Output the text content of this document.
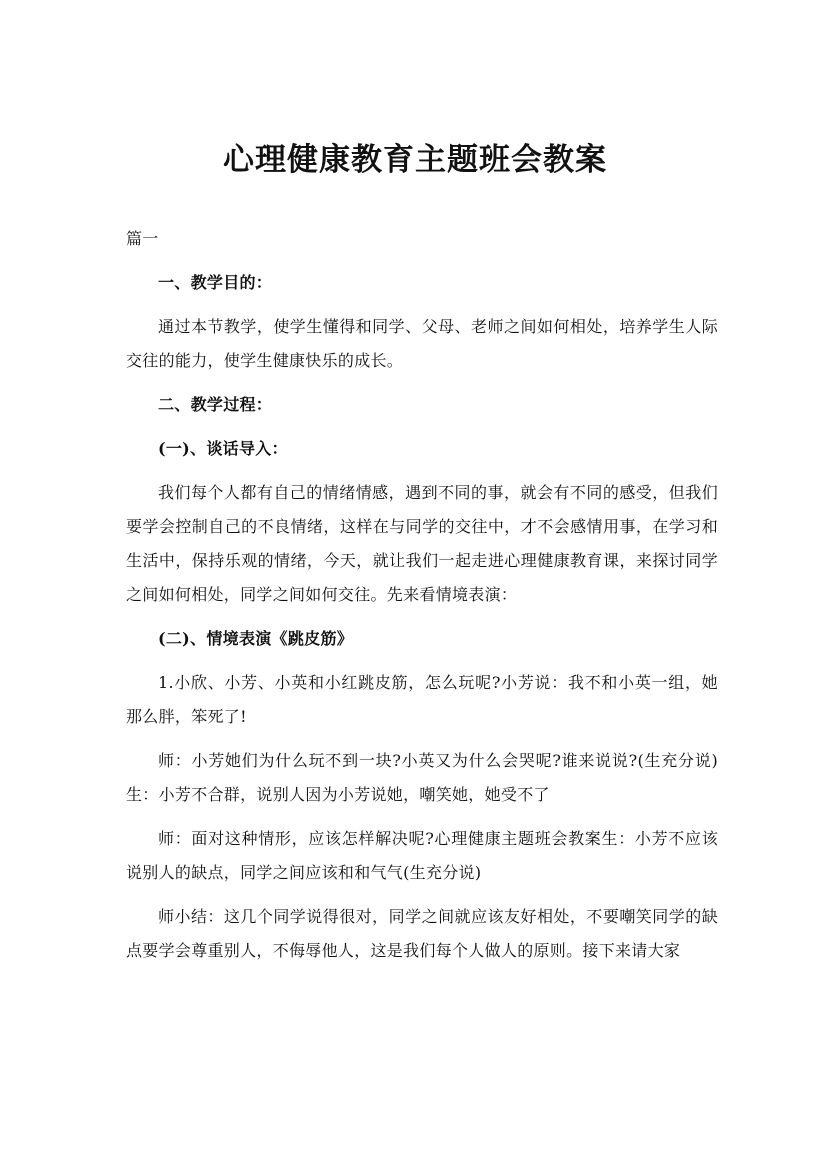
篇一

一、教学目的：

通过本节教学，使学生懂得和同学、父母、老师之间如何相处，培养学生人际交往的能力，使学生健康快乐的成长。

二、教学过程：

(一)、谈话导入：

我们每个人都有自己的情绪情感，遇到不同的事，就会有不同的感受，但我们要学会控制自己的不良情绪，这样在与同学的交往中，才不会感情用事，在学习和生活中，保持乐观的情绪，今天，就让我们一起走进心理健康教育课，来探讨同学之间如何相处，同学之间如何交往。先来看情境表演：

(二)、情境表演《跳皮筋》

1.小欣、小芳、小英和小红跳皮筋，怎么玩呢?小芳说：我不和小英一组，她那么胖，笨死了!

师：小芳她们为什么玩不到一块?小英又为什么会哭呢?谁来说说?(生充分说) 生：小芳不合群，说别人因为小芳说她，嘲笑她，她受不了

师：面对这种情形，应该怎样解决呢?心理健康主题班会教案生：小芳不应该说别人的缺点，同学之间应该和和气气(生充分说)

师小结：这几个同学说得很对，同学之间就应该友好相处，不要嘲笑同学的缺点要学会尊重别人，不侮辱他人，这是我们每个人做人的原则。接下来请大家

心理健康教育主题班会教案
